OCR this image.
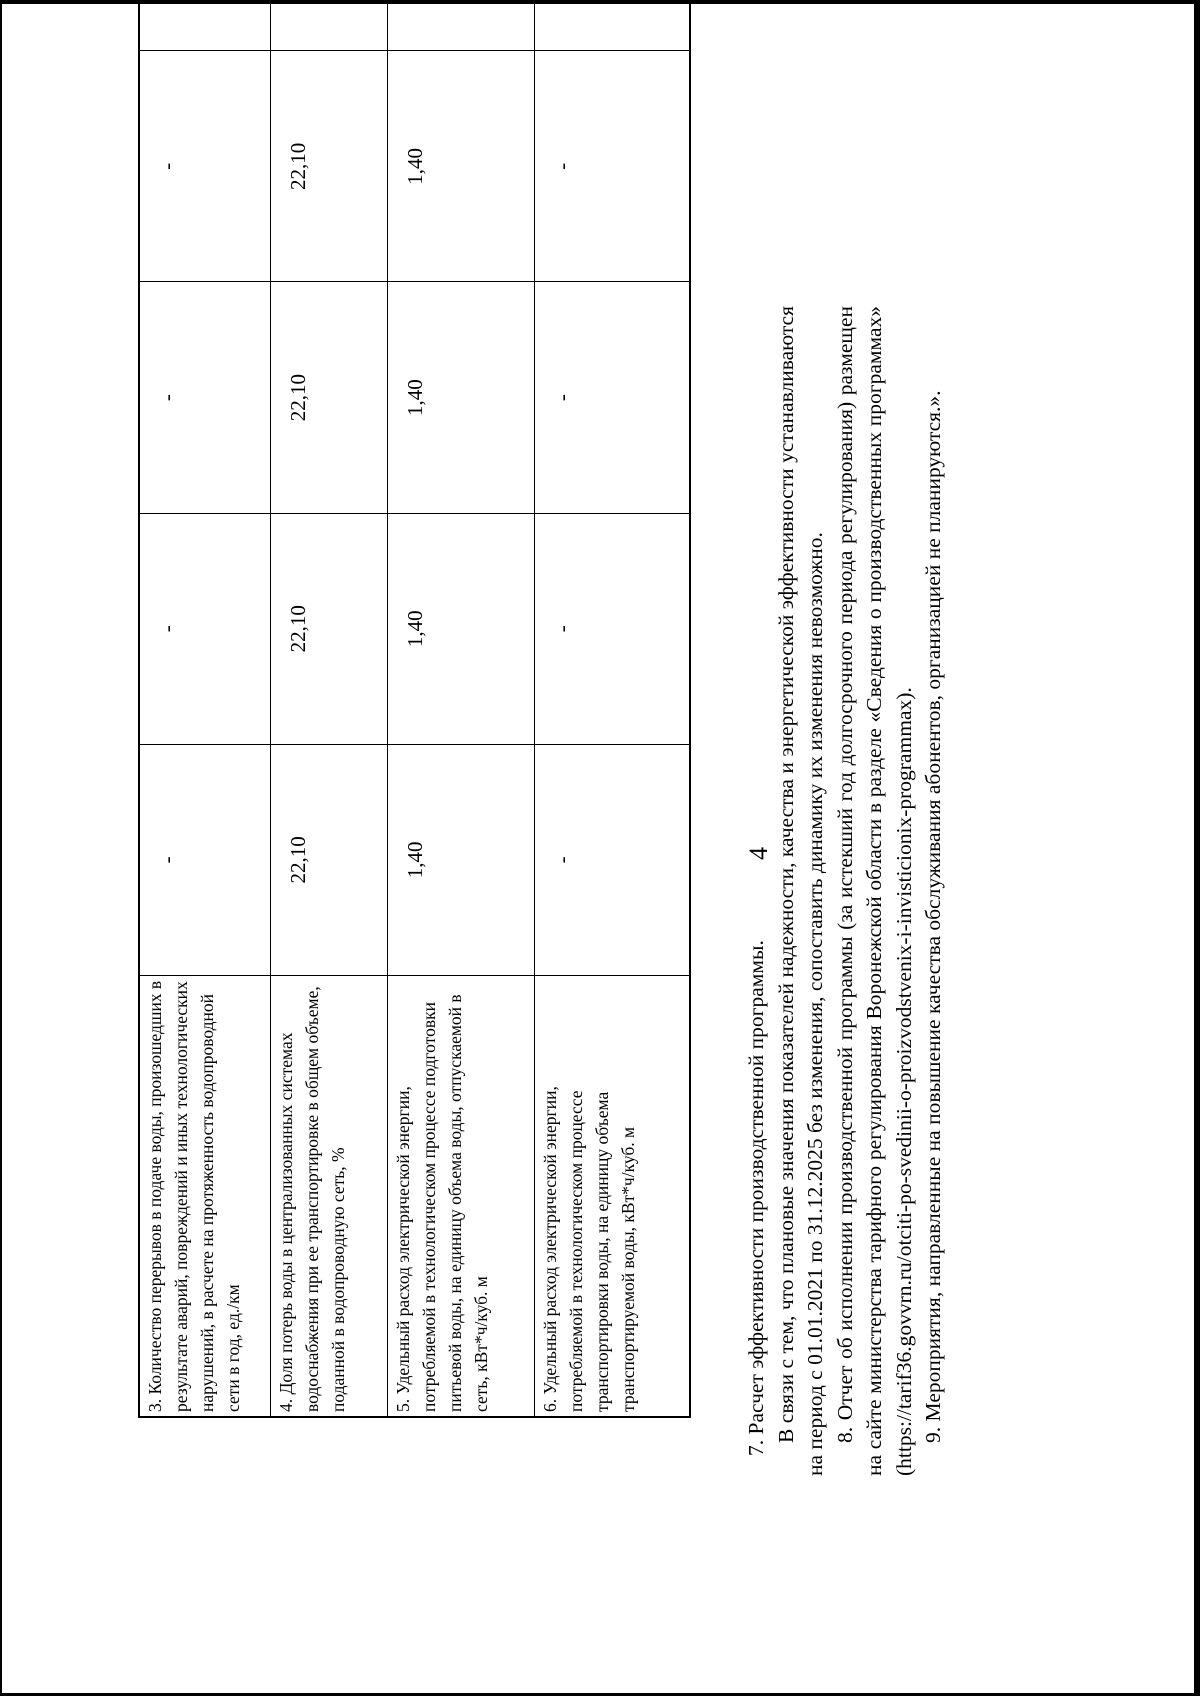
4
3. Количество перерывов в подаче воды, произошедших в результате аварий, повреждений и иных технологических нарушений, в расчете на протяженность водопроводной сети в год, ед./км	-	-	-	-	
4. Доля потерь воды в централизованных системах водоснабжения при ее транспортировке в общем объеме, поданной в водопроводную сеть, %	22,10	22,10	22,10	22,10	
5. Удельный расход электрической энергии, потребляемой в технологическом процессе подготовки питьевой воды, на единицу объема воды, отпускаемой в сеть, кВт*ч/куб. м	1,40	1,40	1,40	1,40	
6. Удельный расход электрической энергии, потребляемой в технологическом процессе транспортировки воды, на единицу объема транспортируемой воды, кВт*ч/куб. м	-	-	-	-	

7. Расчет эффективности производственной программы. В связи с тем, что плановые значения показателей надежности, качества и энергетической эффективности устанавливаются на период с 01.01.2021 по 31.12.2025 без изменения, сопоставить динамику их изменения невозможно. 8. Отчет об исполнении производственной программы (за истекший год долгосрочного периода регулирования) размещен на сайте министерства тарифного регулирования Воронежской области в разделе «Сведения о производственных программах» (https://tarif36.govvrn.ru/otciti-po-svedinii-o-proizvodstvenix-i-invisticionix-programmax). 9. Мероприятия, направленные на повышение качества обслуживания абонентов, организацией не планируются.».
